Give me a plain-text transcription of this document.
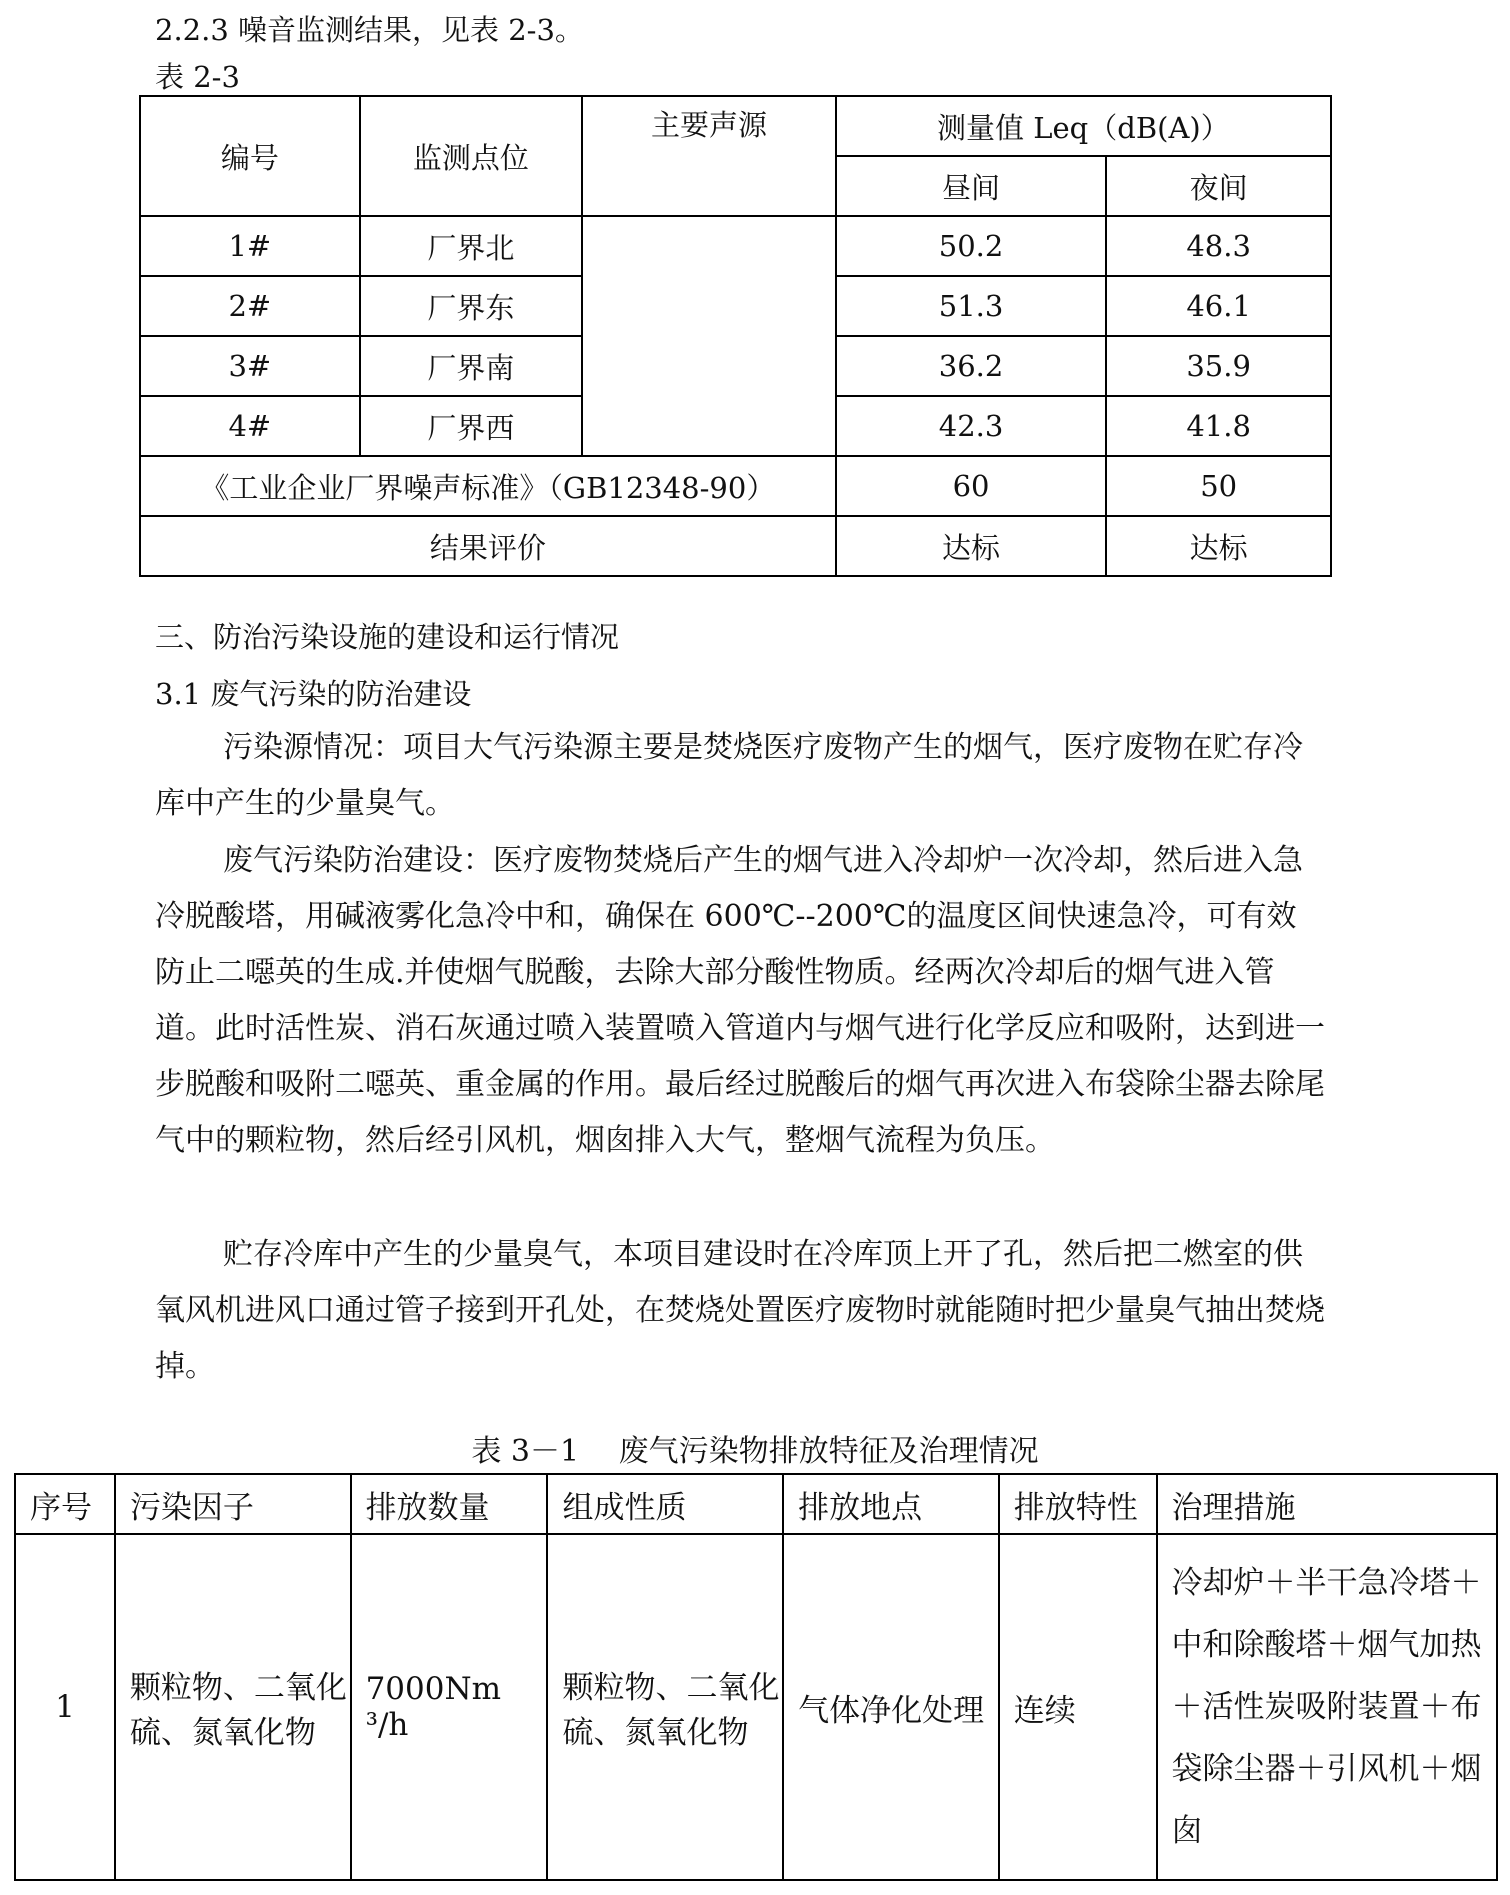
2.2.3 噪音监测结果，见表 2-3。
表 2-3
编号	监测点位	主要声源	测量值 Leq（dB(A)）	
			昼间	夜间
1#	厂界北		50.2	48.3
2#	厂界东		51.3	46.1
3#	厂界南		36.2	35.9
4#	厂界西		42.3	41.8
《工业企业厂界噪声标准》（GB12348-90）			60	50
结果评价			达标	达标
三、防治污染设施的建设和运行情况
3.1 废气污染的防治建设
污染源情况：项目大气污染源主要是焚烧医疗废物产生的烟气，医疗废物在贮存冷库中产生的少量臭气。
废气污染防治建设：医疗废物焚烧后产生的烟气进入冷却炉一次冷却，然后进入急冷脱酸塔，用碱液雾化急冷中和，确保在 600℃--200℃的温度区间快速急冷，可有效防止二噁英的生成.并使烟气脱酸，去除大部分酸性物质。经两次冷却后的烟气进入管道。此时活性炭、消石灰通过喷入装置喷入管道内与烟气进行化学反应和吸附，达到进一步脱酸和吸附二噁英、重金属的作用。最后经过脱酸后的烟气再次进入布袋除尘器去除尾气中的颗粒物，然后经引风机，烟囱排入大气，整烟气流程为负压。
贮存冷库中产生的少量臭气，本项目建设时在冷库顶上开了孔，然后把二燃室的供氧风机进风口通过管子接到开孔处，在焚烧处置医疗废物时就能随时把少量臭气抽出焚烧掉。
表 3－1　 废气污染物排放特征及治理情况
序号	污染因子	排放数量	组成性质	排放地点	排放特性	治理措施
1	颗粒物、二氧化硫、氮氧化物	7000Nm ³/h	颗粒物、二氧化硫、氮氧化物	气体净化处理	连续	冷却炉＋半干急冷塔＋中和除酸塔＋烟气加热＋活性炭吸附装置＋布袋除尘器＋引风机＋烟囱
